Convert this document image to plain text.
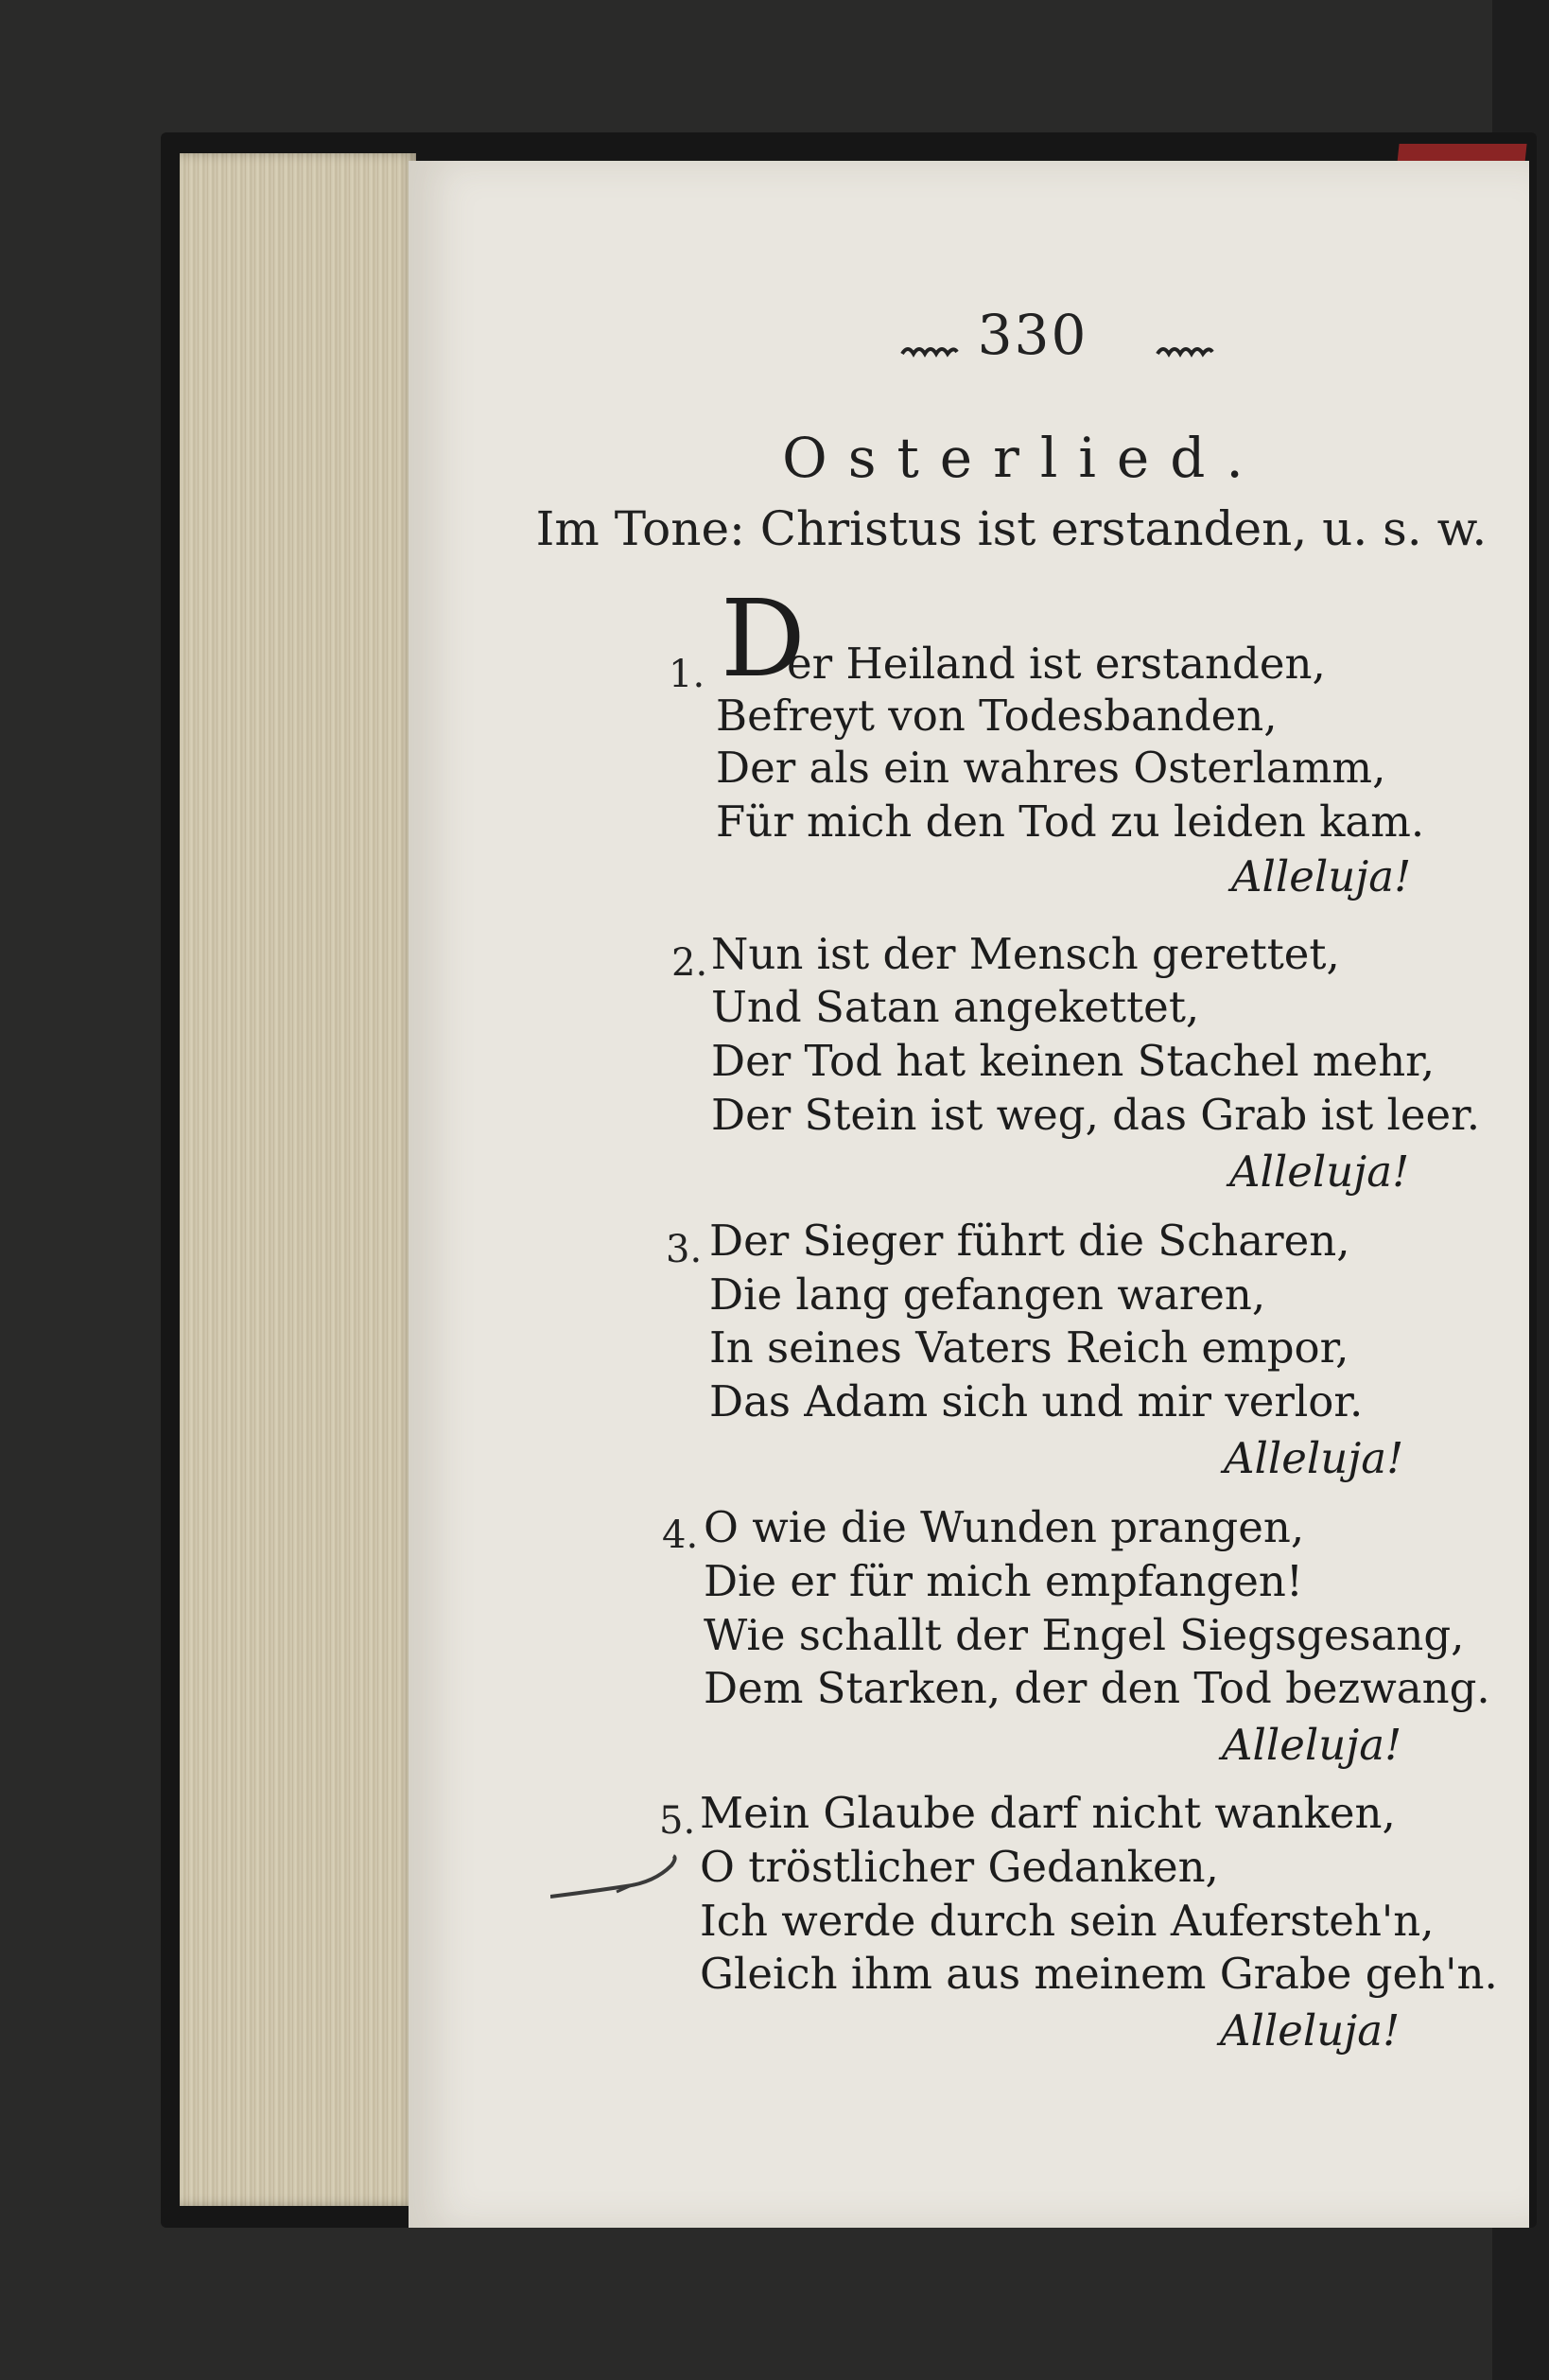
330
Osterlied.
Im Tone: Christus ist erstanden, u. s. w.
1. D
er Heiland ist erstanden,
Befreyt von Todesbanden,
Der als ein wahres Osterlamm,
Für mich den Tod zu leiden kam.
Alleluja!
2. Nun ist der Mensch gerettet,
Und Satan angekettet,
Der Tod hat keinen Stachel mehr,
Der Stein ist weg, das Grab ist leer.
Alleluja!
3. Der Sieger führt die Scharen,
Die lang gefangen waren,
In seines Vaters Reich empor,
Das Adam sich und mir verlor.
Alleluja!
4. O wie die Wunden prangen,
Die er für mich empfangen!
Wie schallt der Engel Siegsgesang,
Dem Starken, der den Tod bezwang.
Alleluja!
5. Mein Glaube darf nicht wanken,
O tröstlicher Gedanken,
Ich werde durch sein Aufersteh'n,
Gleich ihm aus meinem Grabe geh'n.
Alleluja!
